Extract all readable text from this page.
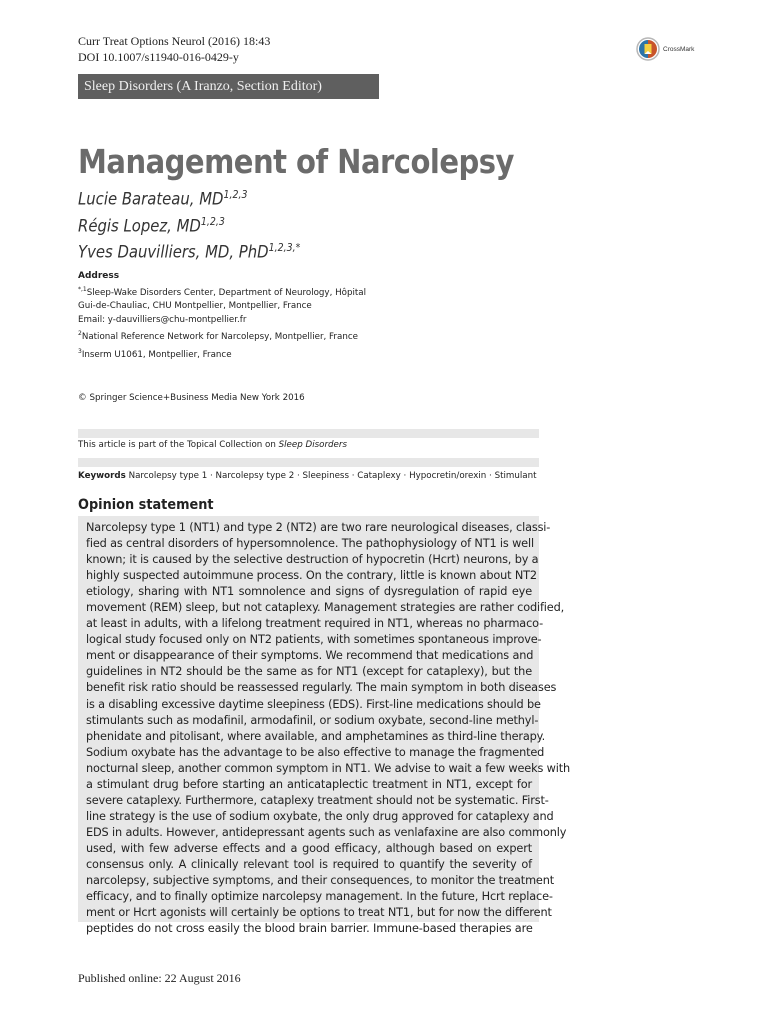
Curr Treat Options Neurol (2016) 18:43
DOI 10.1007/s11940-016-0429-y
CrossMark
Sleep Disorders (A Iranzo, Section Editor)
Management of Narcolepsy
Lucie Barateau, MD$^{1,2,3}$
Régis Lopez, MD$^{1,2,3}$
Yves Dauvilliers, MD, PhD$^{1,2,3,*}$
Address
$^{*,1}$Sleep-Wake Disorders Center, Department of Neurology, Hôpital
Gui-de-Chauliac, CHU Montpellier, Montpellier, France
Email: y-dauvilliers@chu-montpellier.fr
$^2$National Reference Network for Narcolepsy, Montpellier, France
$^3$Inserm U1061, Montpellier, France
© Springer Science+Business Media New York 2016
This article is part of the Topical Collection on Sleep Disorders
Keywords Narcolepsy type 1 · Narcolepsy type 2 · Sleepiness · Cataplexy · Hypocretin/orexin · Stimulant
Opinion statement
Narcolepsy type 1 (NT1) and type 2 (NT2) are two rare neurological diseases, classi-
fied as central disorders of hypersomnolence. The pathophysiology of NT1 is well
known; it is caused by the selective destruction of hypocretin (Hcrt) neurons, by a
highly suspected autoimmune process. On the contrary, little is known about NT2
etiology, sharing with NT1 somnolence and signs of dysregulation of rapid eye
movement (REM) sleep, but not cataplexy. Management strategies are rather codified,
at least in adults, with a lifelong treatment required in NT1, whereas no pharmaco-
logical study focused only on NT2 patients, with sometimes spontaneous improve-
ment or disappearance of their symptoms. We recommend that medications and
guidelines in NT2 should be the same as for NT1 (except for cataplexy), but the
benefit risk ratio should be reassessed regularly. The main symptom in both diseases
is a disabling excessive daytime sleepiness (EDS). First-line medications should be
stimulants such as modafinil, armodafinil, or sodium oxybate, second-line methyl-
phenidate and pitolisant, where available, and amphetamines as third-line therapy.
Sodium oxybate has the advantage to be also effective to manage the fragmented
nocturnal sleep, another common symptom in NT1. We advise to wait a few weeks with
a stimulant drug before starting an anticataplectic treatment in NT1, except for
severe cataplexy. Furthermore, cataplexy treatment should not be systematic. First-
line strategy is the use of sodium oxybate, the only drug approved for cataplexy and
EDS in adults. However, antidepressant agents such as venlafaxine are also commonly
used, with few adverse effects and a good efficacy, although based on expert
consensus only. A clinically relevant tool is required to quantify the severity of
narcolepsy, subjective symptoms, and their consequences, to monitor the treatment
efficacy, and to finally optimize narcolepsy management. In the future, Hcrt replace-
ment or Hcrt agonists will certainly be options to treat NT1, but for now the different
peptides do not cross easily the blood brain barrier. Immune-based therapies are
Published online: 22 August 2016
